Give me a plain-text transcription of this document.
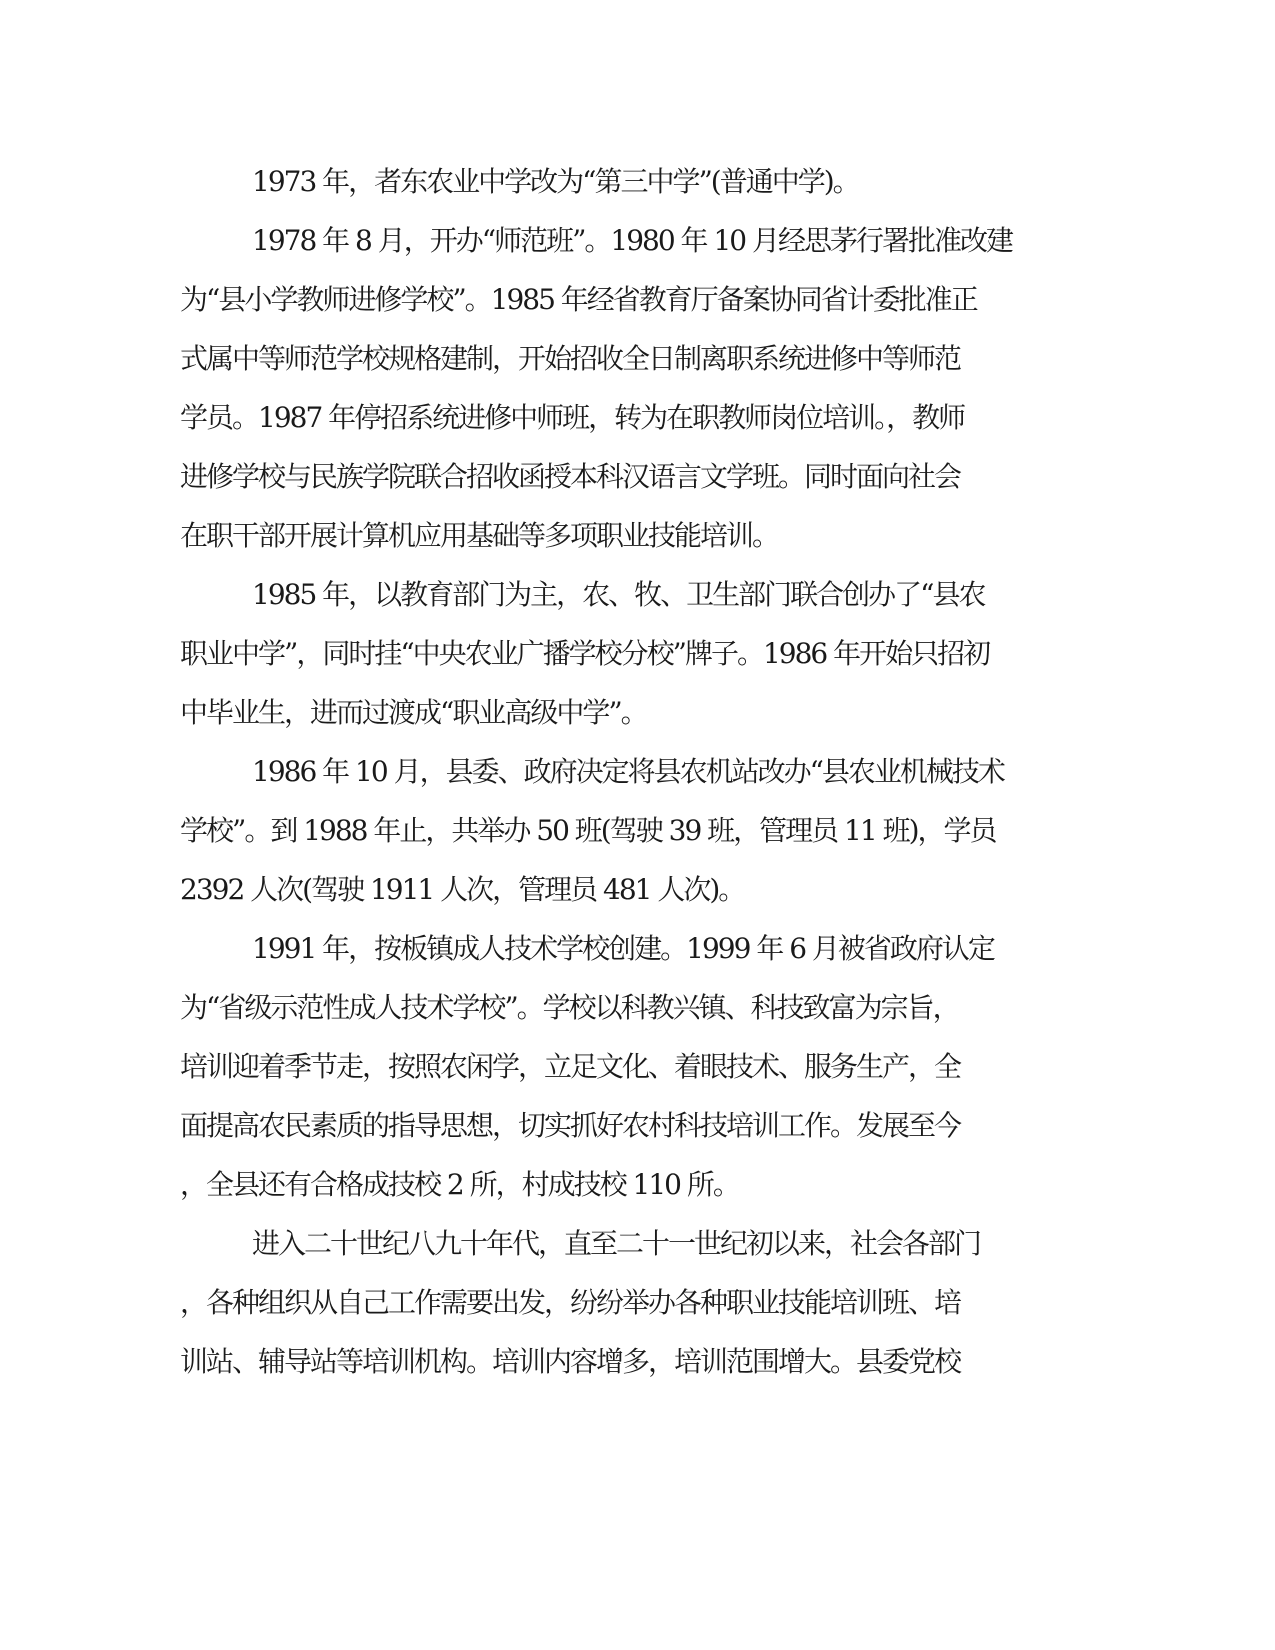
1973 年，者东农业中学改为“第三中学”(普通中学)。
1978 年 8 月，开办“师范班”。1980 年 10 月经思茅行署批准改建
为“县小学教师进修学校”。1985 年经省教育厅备案协同省计委批准正
式属中等师范学校规格建制，开始招收全日制离职系统进修中等师范
学员。1987 年停招系统进修中师班，转为在职教师岗位培训。，教师
进修学校与民族学院联合招收函授本科汉语言文学班。同时面向社会
在职干部开展计算机应用基础等多项职业技能培训。
1985 年，以教育部门为主，农、牧、卫生部门联合创办了“县农
职业中学”，同时挂“中央农业广播学校分校”牌子。1986 年开始只招初
中毕业生，进而过渡成“职业高级中学”。
1986 年 10 月，县委、政府决定将县农机站改办“县农业机械技术
学校”。到 1988 年止，共举办 50 班(驾驶 39 班，管理员 11 班)，学员
2392 人次(驾驶 1911 人次，管理员 481 人次)。
1991 年，按板镇成人技术学校创建。1999 年 6 月被省政府认定
为“省级示范性成人技术学校”。学校以科教兴镇、科技致富为宗旨，
培训迎着季节走，按照农闲学，立足文化、着眼技术、服务生产，全
面提高农民素质的指导思想，切实抓好农村科技培训工作。发展至今
，全县还有合格成技校 2 所，村成技校 110 所。
进入二十世纪八九十年代，直至二十一世纪初以来，社会各部门
，各种组织从自己工作需要出发，纷纷举办各种职业技能培训班、培
训站、辅导站等培训机构。培训内容增多，培训范围增大。县委党校
